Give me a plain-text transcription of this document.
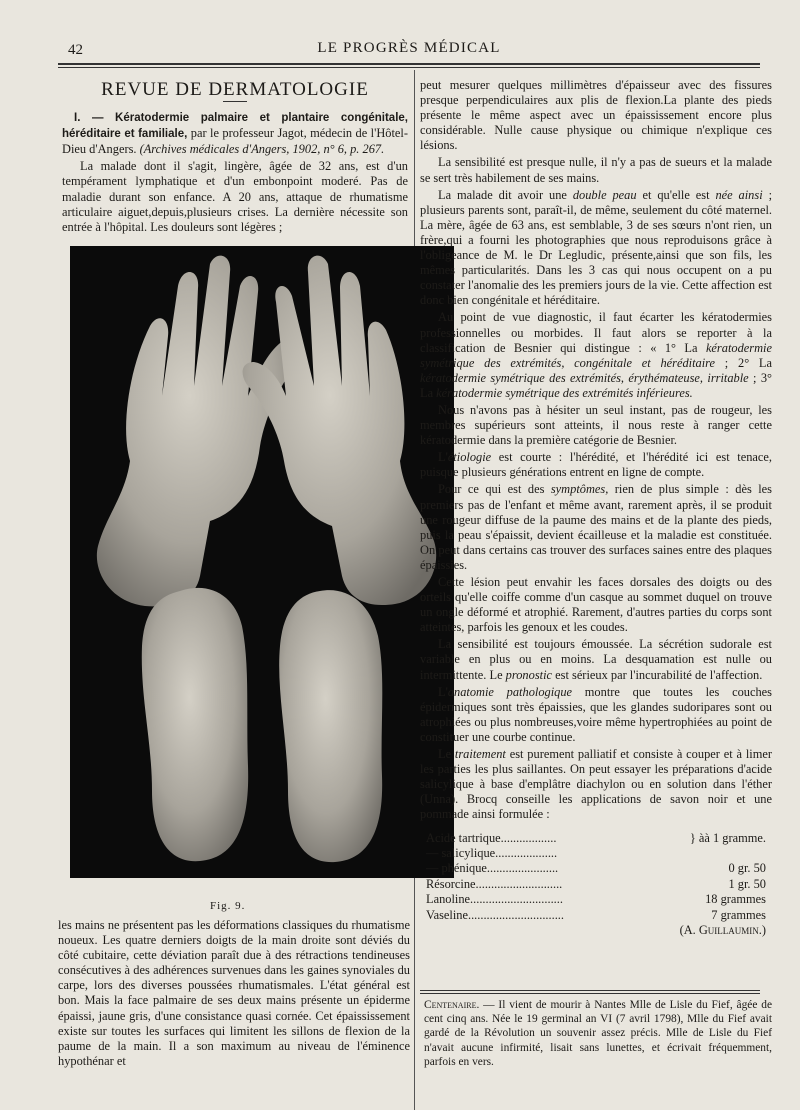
42	LE PROGRÈS MÉDICAL
REVUE DE DERMATOLOGIE

I. — Kératodermie palmaire et plantaire congénitale, héréditaire et familiale, par le professeur Jagot, médecin de l'Hôtel-Dieu d'Angers. (Archives médicales d'Angers, 1902, n° 6, p. 267.

La malade dont il s'agit, lingère, âgée de 32 ans, est d'un tempérament lymphatique et d'un embonpoint moderé. Pas de maladie durant son enfance. A 20 ans, attaque de rhumatisme articulaire aiguet,depuis,plusieurs crises. La dernière nécessite son entrée à l'hôpital. Les douleurs sont légères ;

Fig. 9.

les mains ne présentent pas les déformations classiques du rhumatisme noueux. Les quatre derniers doigts de la main droite sont déviés du côté cubitaire, cette déviation paraît due à des rétractions tendineuses consécutives à des adhérences survenues dans les gaines synoviales du carpe, lors des diverses poussées rhumatismales. L'état général est bon. Mais la face palmaire de ses deux mains présente un épiderme épaissi, jaune gris, d'une consistance quasi cornée. Cet épaississement existe sur toutes les surfaces qui limitent les sillons de flexion de la paume de la main. Il a son maximum au niveau de l'éminence hypothénar et

peut mesurer quelques millimètres d'épaisseur avec des fissures presque perpendiculaires aux plis de flexion.La plante des pieds présente le même aspect avec un épaississement encore plus considérable. Nulle cause physique ou chimique n'explique ces lésions.

La sensibilité est presque nulle, il n'y a pas de sueurs et la malade se sert très habilement de ses mains.

La malade dit avoir une double peau et qu'elle est née ainsi ; plusieurs parents sont, paraît-il, de même, seulement du côté maternel. La mère, âgée de 63 ans, est semblable, 3 de ses sœurs n'ont rien, un frère,qui a fourni les photographies que nous reproduisons grâce à l'obligeance de M. le Dr Legludic, présente,ainsi que son fils, les mêmes particularités. Dans les 3 cas qui nous occupent on a pu constater l'anomalie des les premiers jours de la vie. Cette affection est donc bien congénitale et héréditaire.

Au point de vue diagnostic, il faut écarter les kératodermies professionnelles ou morbides. Il faut alors se reporter à la classification de Besnier qui distingue : « 1° La kératodermie symétrique des extrémités, congénitale et héréditaire ; 2° La kératodermie symétrique des extrémités, érythémateuse, irritable ; 3° La kératodermie symétrique des extrémités inférieures.

Nous n'avons pas à hésiter un seul instant, pas de rougeur, les membres supérieurs sont atteints, il nous reste à ranger cette kératodermie dans la première catégorie de Besnier.

L'étiologie est courte : l'hérédité, et l'hérédité ici est tenace, puisque plusieurs générations entrent en ligne de compte.

Pour ce qui est des symptômes, rien de plus simple : dès les premiers pas de l'enfant et même avant, rarement après, il se produit une rougeur diffuse de la paume des mains et de la plante des pieds, puis la peau s'épaissit, devient écailleuse et la maladie est constituée. On peut dans certains cas trouver des surfaces saines entre des plaques épaissies.

Cette lésion peut envahir les faces dorsales des doigts ou des orteils qu'elle coiffe comme d'un casque au sommet duquel on trouve un ongle déformé et atrophié. Rarement, d'autres parties du corps sont atteintes, parfois les genoux et les coudes.

La sensibilité est toujours émoussée. La sécrétion sudorale est variable en plus ou en moins. La desquamation est nulle ou intermittente. Le pronostic est sérieux par l'incurabilité de l'affection.

L'anatomie pathologique montre que toutes les couches épidermiques sont très épaissies, que les glandes sudoripares sont ou atrophiées ou plus nombreuses,voire même hypertrophiées au point de constituer une courbe continue.

Le traitement est purement palliatif et consiste à couper et à limer les parties les plus saillantes. On peut essayer les préparations d'acide salicylique à base d'emplâtre diachylon ou en solution dans l'éther (Unna). Brocq conseille les applications de savon noir et une pommade ainsi formulée :

Acide tartrique..................	} àà 1 gramme.
— salicylique....................
— phénique.......................	0 gr. 50
Résorcine............................	1 gr. 50
Lanoline..............................	18 grammes
Vaseline...............................	7 grammes
(A. Guillaumin.)
Centenaire. — Il vient de mourir à Nantes Mlle de Lisle du Fief, âgée de cent cinq ans. Née le 19 germinal an VI (7 avril 1798), Mlle du Fief avait gardé de la Révolution un souvenir assez précis. Mlle de Lisle du Fief n'avait aucune infirmité, lisait sans lunettes, et écrivait fréquemment, parfois en vers.
